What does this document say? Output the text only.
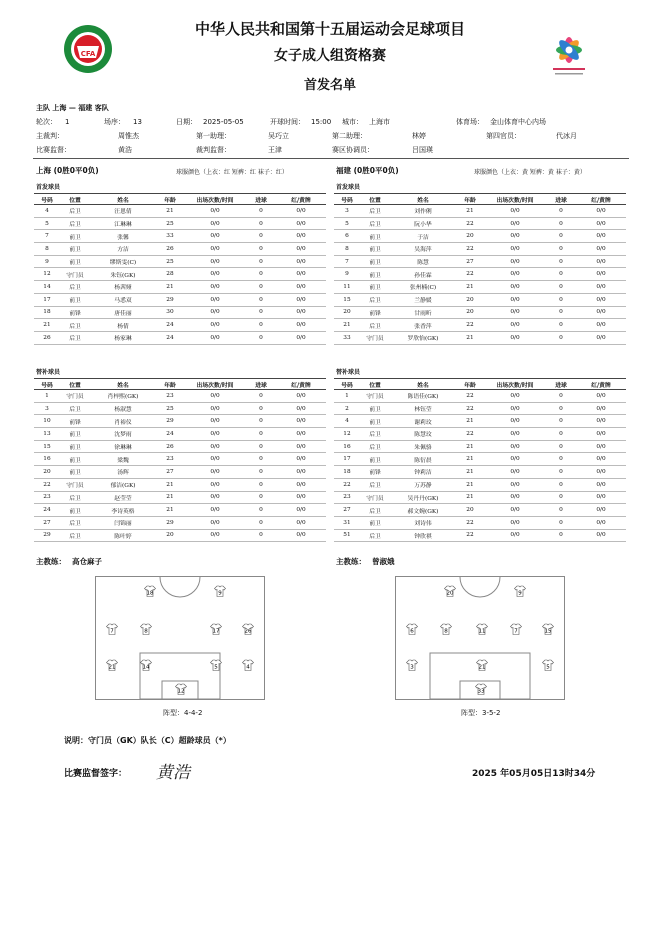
CFA
中华人民共和国第十五届运动会足球项目
女子成人组资格赛
首发名单
主队 上海 — 福建 客队
轮次： 1	场序： 13	日期： 2025-05-05	开球时间： 15:00 城市： 上海市	体育场： 金山体育中心内场
主裁判：	周惟杰	第一助理：	吴巧立	第二助理：	林婷	第四官员：	代冰月
比赛监督：	黄浩	裁判监督：	王津	赛区协调员：	吕国瑛
上海 (0胜0平0负)	球服颜色（上衣：红 短裤：红 袜子：红）	福建 (0胜0平0负)	球服颜色（上衣：黄 短裤：黄 袜子：黄）
首发球员	首发球员
号码	位置	姓名	年龄	出场次数/时间	进球	红/黄牌
4	后卫	汪恩倩	21	0/0	0	0/0
5	后卫	江琳琳	25	0/0	0	0/0
7	前卫	张馨	33	0/0	0	0/0
8	前卫	方洁	26	0/0	0	0/0
9	前卫	缪斯雯(C)	25	0/0	0	0/0
12	守门员	朱钰(GK)	28	0/0	0	0/0
14	后卫	杨茜娅	21	0/0	0	0/0
17	前卫	马悉双	29	0/0	0	0/0
18	前锋	唐佳丽	30	0/0	0	0/0
21	后卫	杨倩	24	0/0	0	0/0
26	后卫	杨家琳	24	0/0	0	0/0
号码	位置	姓名	年龄	出场次数/时间	进球	红/黄牌
3	后卫	刘作俐	21	0/0	0	0/0
5	后卫	阮小华	22	0/0	0	0/0
6	前卫	于洁	20	0/0	0	0/0
8	前卫	吴海萍	22	0/0	0	0/0
7	前卫	陈慧	27	0/0	0	0/0
9	前卫	孙佳霖	22	0/0	0	0/0
11	前卫	张州楠(C)	21	0/0	0	0/0
15	后卫	兰静媛	20	0/0	0	0/0
20	前锋	甘雨昕	20	0/0	0	0/0
21	后卫	张香萍	22	0/0	0	0/0
33	守门员	罗欣怡(GK)	21	0/0	0	0/0
替补球员	替补球员
号码	位置	姓名	年龄	出场次数/时间	进球	红/黄牌
1	守门员	肖梓熙(GK)	23	0/0	0	0/0
3	后卫	杨淑慧	25	0/0	0	0/0
10	前锋	肖裕仪	29	0/0	0	0/0
13	前卫	沈梦雨	24	0/0	0	0/0
15	前卫	徐琳琳	26	0/0	0	0/0
16	前卫	梁魏	23	0/0	0	0/0
20	前卫	汤辉	27	0/0	0	0/0
22	守门员	郁洁(GK)	21	0/0	0	0/0
23	后卫	赵莹莹	21	0/0	0	0/0
24	前卫	李诗英格	21	0/0	0	0/0
27	后卫	闫锦丽	29	0/0	0	0/0
29	后卫	陈叶婷	20	0/0	0	0/0
号码	位置	姓名	年龄	出场次数/时间	进球	红/黄牌
1	守门员	陈语佳(GK)	22	0/0	0	0/0
2	前卫	林钰莹	22	0/0	0	0/0
4	前卫	谢莉玟	21	0/0	0	0/0
12	后卫	陈慧玟	22	0/0	0	0/0
16	后卫	朱佩骆	21	0/0	0	0/0
17	前卫	陈衍晨	21	0/0	0	0/0
18	前锋	钟莉洁	21	0/0	0	0/0
22	后卫	万苏静	21	0/0	0	0/0
23	守门员	吴丹丹(GK)	21	0/0	0	0/0
27	后卫	郝文婉(GK)	20	0/0	0	0/0
31	前卫	刘诗伟	22	0/0	0	0/0
51	后卫	钟欣祺	22	0/0	0	0/0
主教练： 高仓麻子	主教练： 曾淑娥
18	9
7	8	17	26
21	14	5	4
12
20	9
6	8	11	7	15
3	21	5
33
阵型：4-4-2	阵型：3-5-2
说明：守门员（GK）队长（C）超龄球员（*）
比赛监督签字： 黄浩	2025 年05月05日13时34分
